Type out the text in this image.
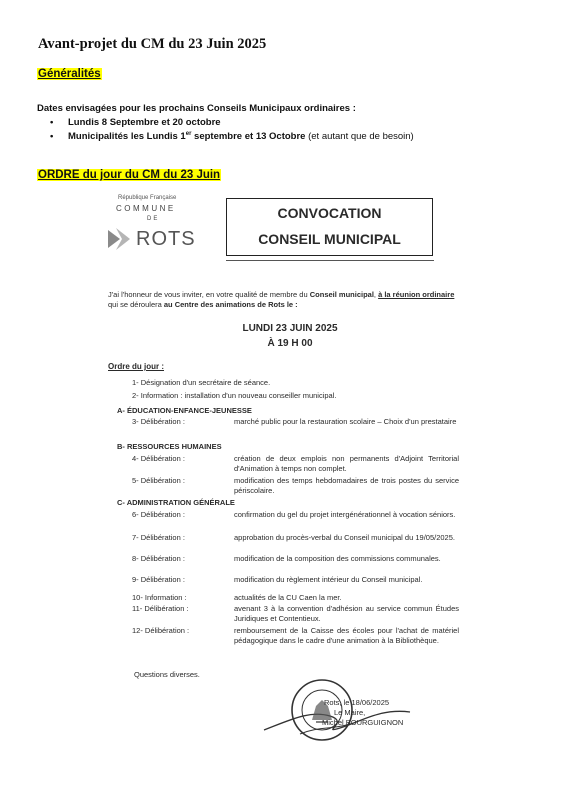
Avant-projet du CM du 23 Juin 2025
Généralités
Dates envisagées pour les prochains Conseils Municipaux ordinaires :
• Lundis 8 Septembre et 20 octobre
• Municipalités les Lundis 1er septembre et 13 Octobre (et autant que de besoin)
ORDRE du jour du CM du 23 Juin
République Française
COMMUNE
DE
ROTS
CONVOCATION
CONSEIL MUNICIPAL
J'ai l'honneur de vous inviter, en votre qualité de membre du Conseil municipal, à la réunion ordinaire qui se déroulera au Centre des animations de Rots le :
LUNDI 23 JUIN 2025
À 19 H 00
Ordre du jour :
1- Désignation d'un secrétaire de séance.
2- Information : installation d'un nouveau conseiller municipal.
A- ÉDUCATION-ENFANCE-JEUNESSE
3- Délibération :	marché public pour la restauration scolaire – Choix d'un prestataire
B- RESSOURCES HUMAINES
4- Délibération :	création de deux emplois non permanents d'Adjoint Territorial d'Animation à temps non complet.
5- Délibération :	modification des temps hebdomadaires de trois postes du service périscolaire.
C- ADMINISTRATION GÉNÉRALE
6- Délibération :	confirmation du gel du projet intergénérationnel à vocation séniors.
7- Délibération :	approbation du procès-verbal du Conseil municipal du 19/05/2025.
8- Délibération :	modification de la composition des commissions communales.
9- Délibération :	modification du règlement intérieur du Conseil municipal.
10- Information :	actualités de la CU Caen la mer.
11- Délibération :	avenant 3 à la convention d'adhésion au service commun Études Juridiques et Contentieux.
12- Délibération :	remboursement de la Caisse des écoles pour l'achat de matériel pédagogique dans le cadre d'une animation à la Bibliothèque.
Questions diverses.
Rots, le 18/06/2025
Le Maire,
Michel BOURGUIGNON
